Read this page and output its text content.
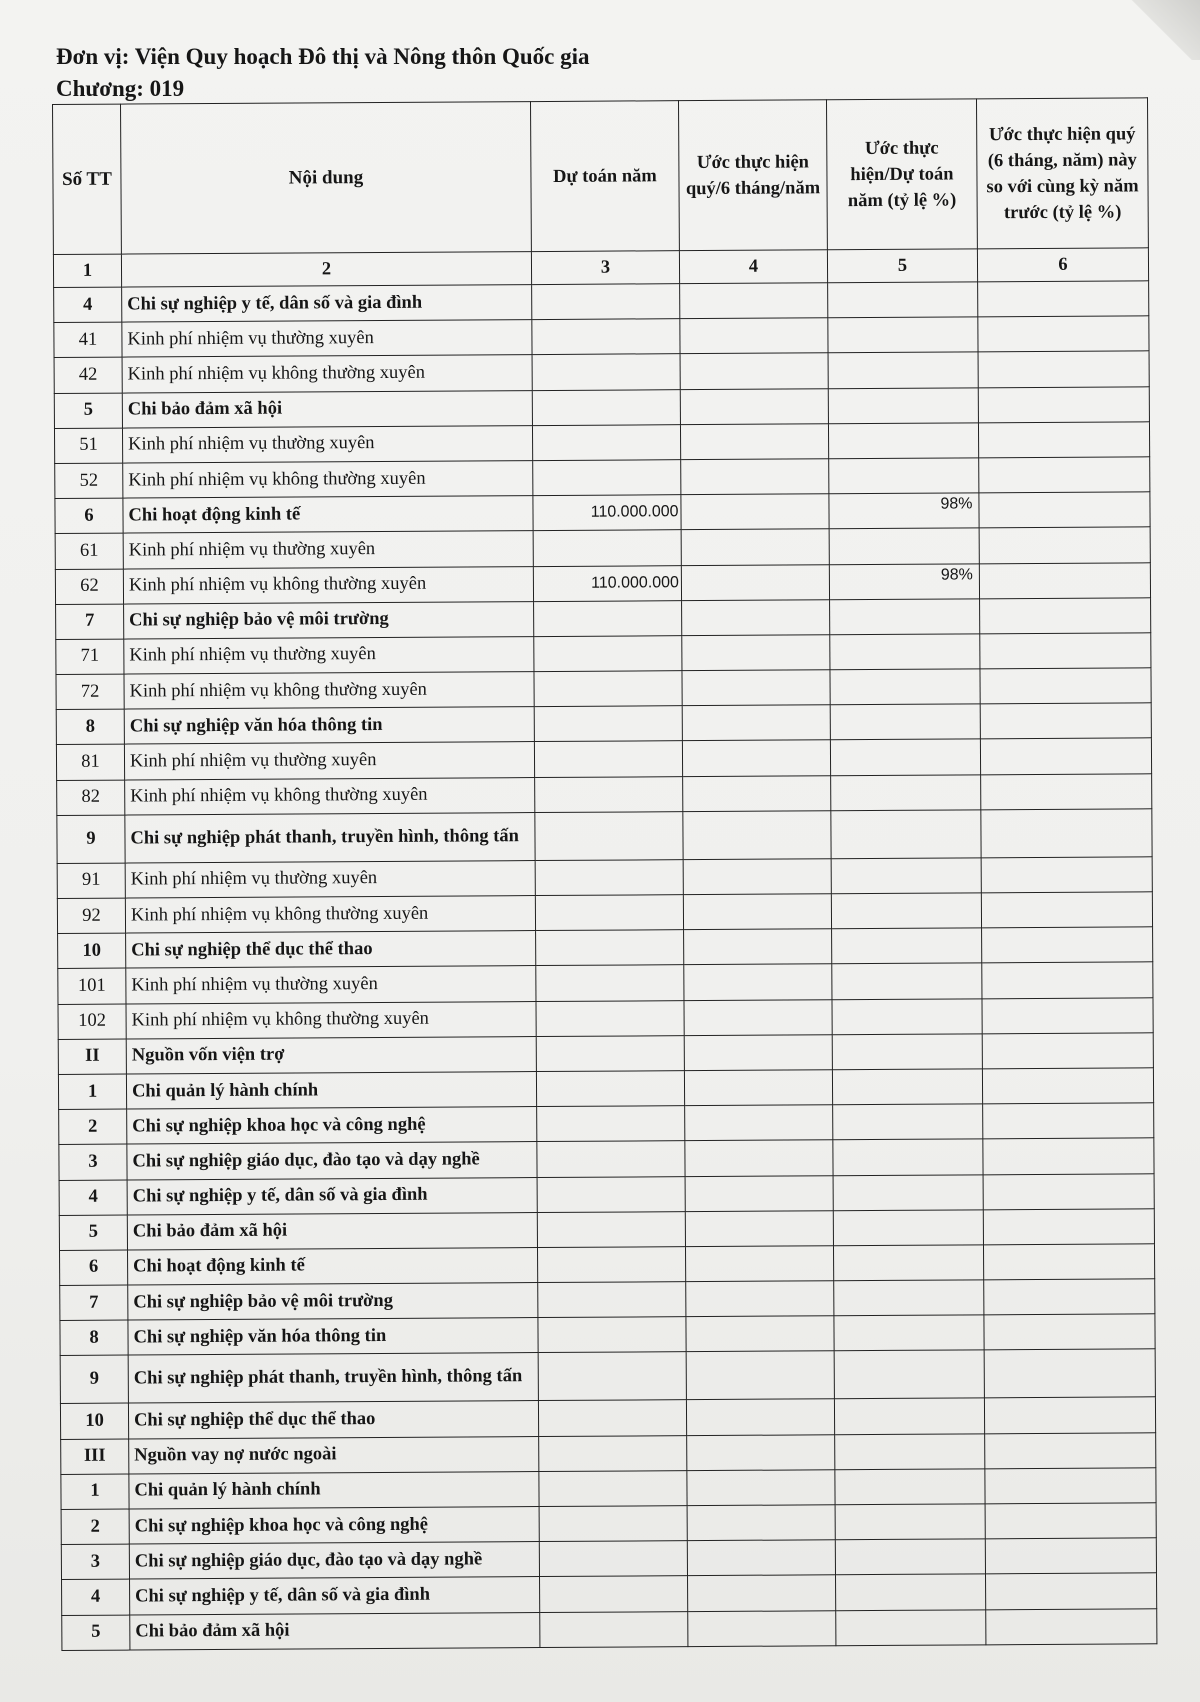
Đơn vị: Viện Quy hoạch Đô thị và Nông thôn Quốc gia
Chương: 019
Số TT	Nội dung	Dự toán năm	Ước thực hiện quý/6 tháng/năm	Ước thực hiện/Dự toán năm (tỷ lệ %)	Ước thực hiện quý (6 tháng, năm) này so với cùng kỳ năm trước (tỷ lệ %)
1	2	3	4	5	6
4	Chi sự nghiệp y tế, dân số và gia đình				
41	Kinh phí nhiệm vụ thường xuyên				
42	Kinh phí nhiệm vụ không thường xuyên				
5	Chi bảo đảm xã hội				
51	Kinh phí nhiệm vụ thường xuyên				
52	Kinh phí nhiệm vụ không thường xuyên				
6	Chi hoạt động kinh tế	110.000.000		98%	
61	Kinh phí nhiệm vụ thường xuyên				
62	Kinh phí nhiệm vụ không thường xuyên	110.000.000		98%	
7	Chi sự nghiệp bảo vệ môi trường				
71	Kinh phí nhiệm vụ thường xuyên				
72	Kinh phí nhiệm vụ không thường xuyên				
8	Chi sự nghiệp văn hóa thông tin				
81	Kinh phí nhiệm vụ thường xuyên				
82	Kinh phí nhiệm vụ không thường xuyên				
9	Chi sự nghiệp phát thanh, truyền hình, thông tấn				
91	Kinh phí nhiệm vụ thường xuyên				
92	Kinh phí nhiệm vụ không thường xuyên				
10	Chi sự nghiệp thể dục thể thao				
101	Kinh phí nhiệm vụ thường xuyên				
102	Kinh phí nhiệm vụ không thường xuyên				
II	Nguồn vốn viện trợ				
1	Chi quản lý hành chính				
2	Chi sự nghiệp khoa học và công nghệ				
3	Chi sự nghiệp giáo dục, đào tạo và dạy nghề				
4	Chi sự nghiệp y tế, dân số và gia đình				
5	Chi bảo đảm xã hội				
6	Chi hoạt động kinh tế				
7	Chi sự nghiệp bảo vệ môi trường				
8	Chi sự nghiệp văn hóa thông tin				
9	Chi sự nghiệp phát thanh, truyền hình, thông tấn				
10	Chi sự nghiệp thể dục thể thao				
III	Nguồn vay nợ nước ngoài				
1	Chi quản lý hành chính				
2	Chi sự nghiệp khoa học và công nghệ				
3	Chi sự nghiệp giáo dục, đào tạo và dạy nghề				
4	Chi sự nghiệp y tế, dân số và gia đình				
5	Chi bảo đảm xã hội				
